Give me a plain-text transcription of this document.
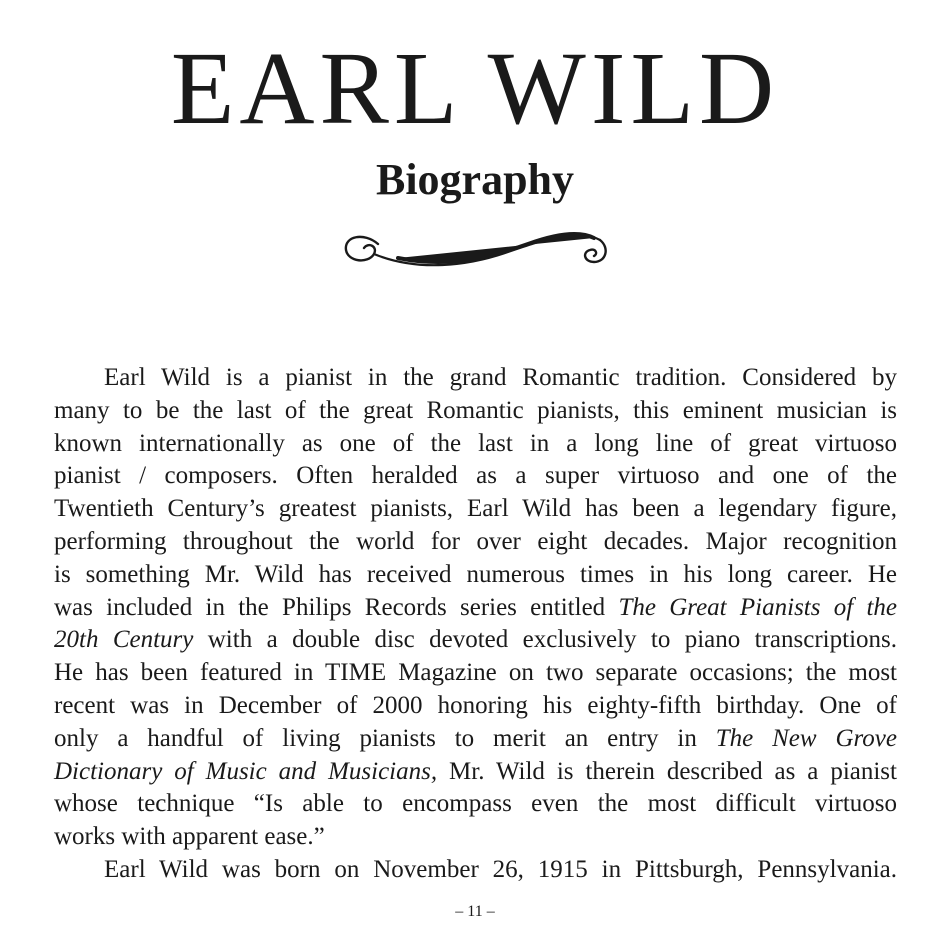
EARL WILD
Biography
Earl Wild is a pianist in the grand Romantic tradition. Considered by
many to be the last of the great Romantic pianists, this eminent musician is
known internationally as one of the last in a long line of great virtuoso
pianist / composers. Often heralded as a super virtuoso and one of the
Twentieth Century’s greatest pianists, Earl Wild has been a legendary figure,
performing throughout the world for over eight decades. Major recognition
is something Mr. Wild has received numerous times in his long career. He
was included in the Philips Records series entitled The Great Pianists of the
20th Century with a double disc devoted exclusively to piano transcriptions.
He has been featured in TIME Magazine on two separate occasions; the most
recent was in December of 2000 honoring his eighty-fifth birthday. One of
only a handful of living pianists to merit an entry in The New Grove
Dictionary of Music and Musicians, Mr. Wild is therein described as a pianist
whose technique “Is able to encompass even the most difficult virtuoso
works with apparent ease.”
Earl Wild was born on November 26, 1915 in Pittsburgh, Pennsylvania.
– 11 –
